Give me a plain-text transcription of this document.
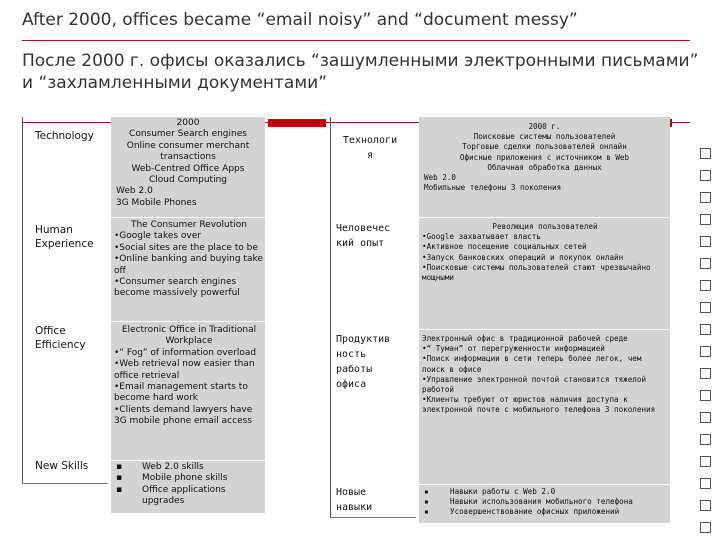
After 2000, offices became “email noisy” and “document messy”
После 2000 г. офисы оказались “зашумленными электронными письмами” и “захламленными документами”
Technology
Human Experience
Office Efficiency
New Skills
2000
Consumer Search engines
Online consumer merchant transactions
Web-Centred Office Apps
Cloud Computing
Web 2.0
3G Mobile Phones
The Consumer Revolution
•Google takes over
•Social sites are the place to be
•Online banking and buying take off
•Consumer search engines become massively powerful
Electronic Office in Traditional Workplace
•“ Fog” of information overload
•Web retrieval now easier than office retrieval
•Email management starts to become hard work
•Clients demand lawyers have 3G mobile phone email access
▪ Web 2.0 skills
▪ Mobile phone skills
▪ Office applications upgrades
Технологи я
Человечес кий опыт
Продуктив ность работы офиса
Новые навыки
2000 г.
Поисковые системы пользователей
Торговые сделки пользователей онлайн
Офисные приложения с источником в Web
Облачная обработка данных
Web 2.0
Мобильные телефоны 3 поколения
Революция пользователей
•Google захватывает власть
•Активное посещение социальных сетей
•Запуск банковских операций и покупок онлайн
•Поисковые системы пользователей стают чрезвычайно мощными
Электронный офис в традиционной рабочей среде
•“ Туман” от перегруженности информацией
•Поиск информации в сети теперь более легок, чем поиск в офисе
•Управление электронной почтой становится тяжелой работой
•Клиенты требуют от юристов наличия доступа к электронной почте с мобильного телефона 3 поколения
▪ Навыки работы с Web 2.0
▪ Навыки использования мобильного телефона
▪ Усовершенствование офисных приложений
